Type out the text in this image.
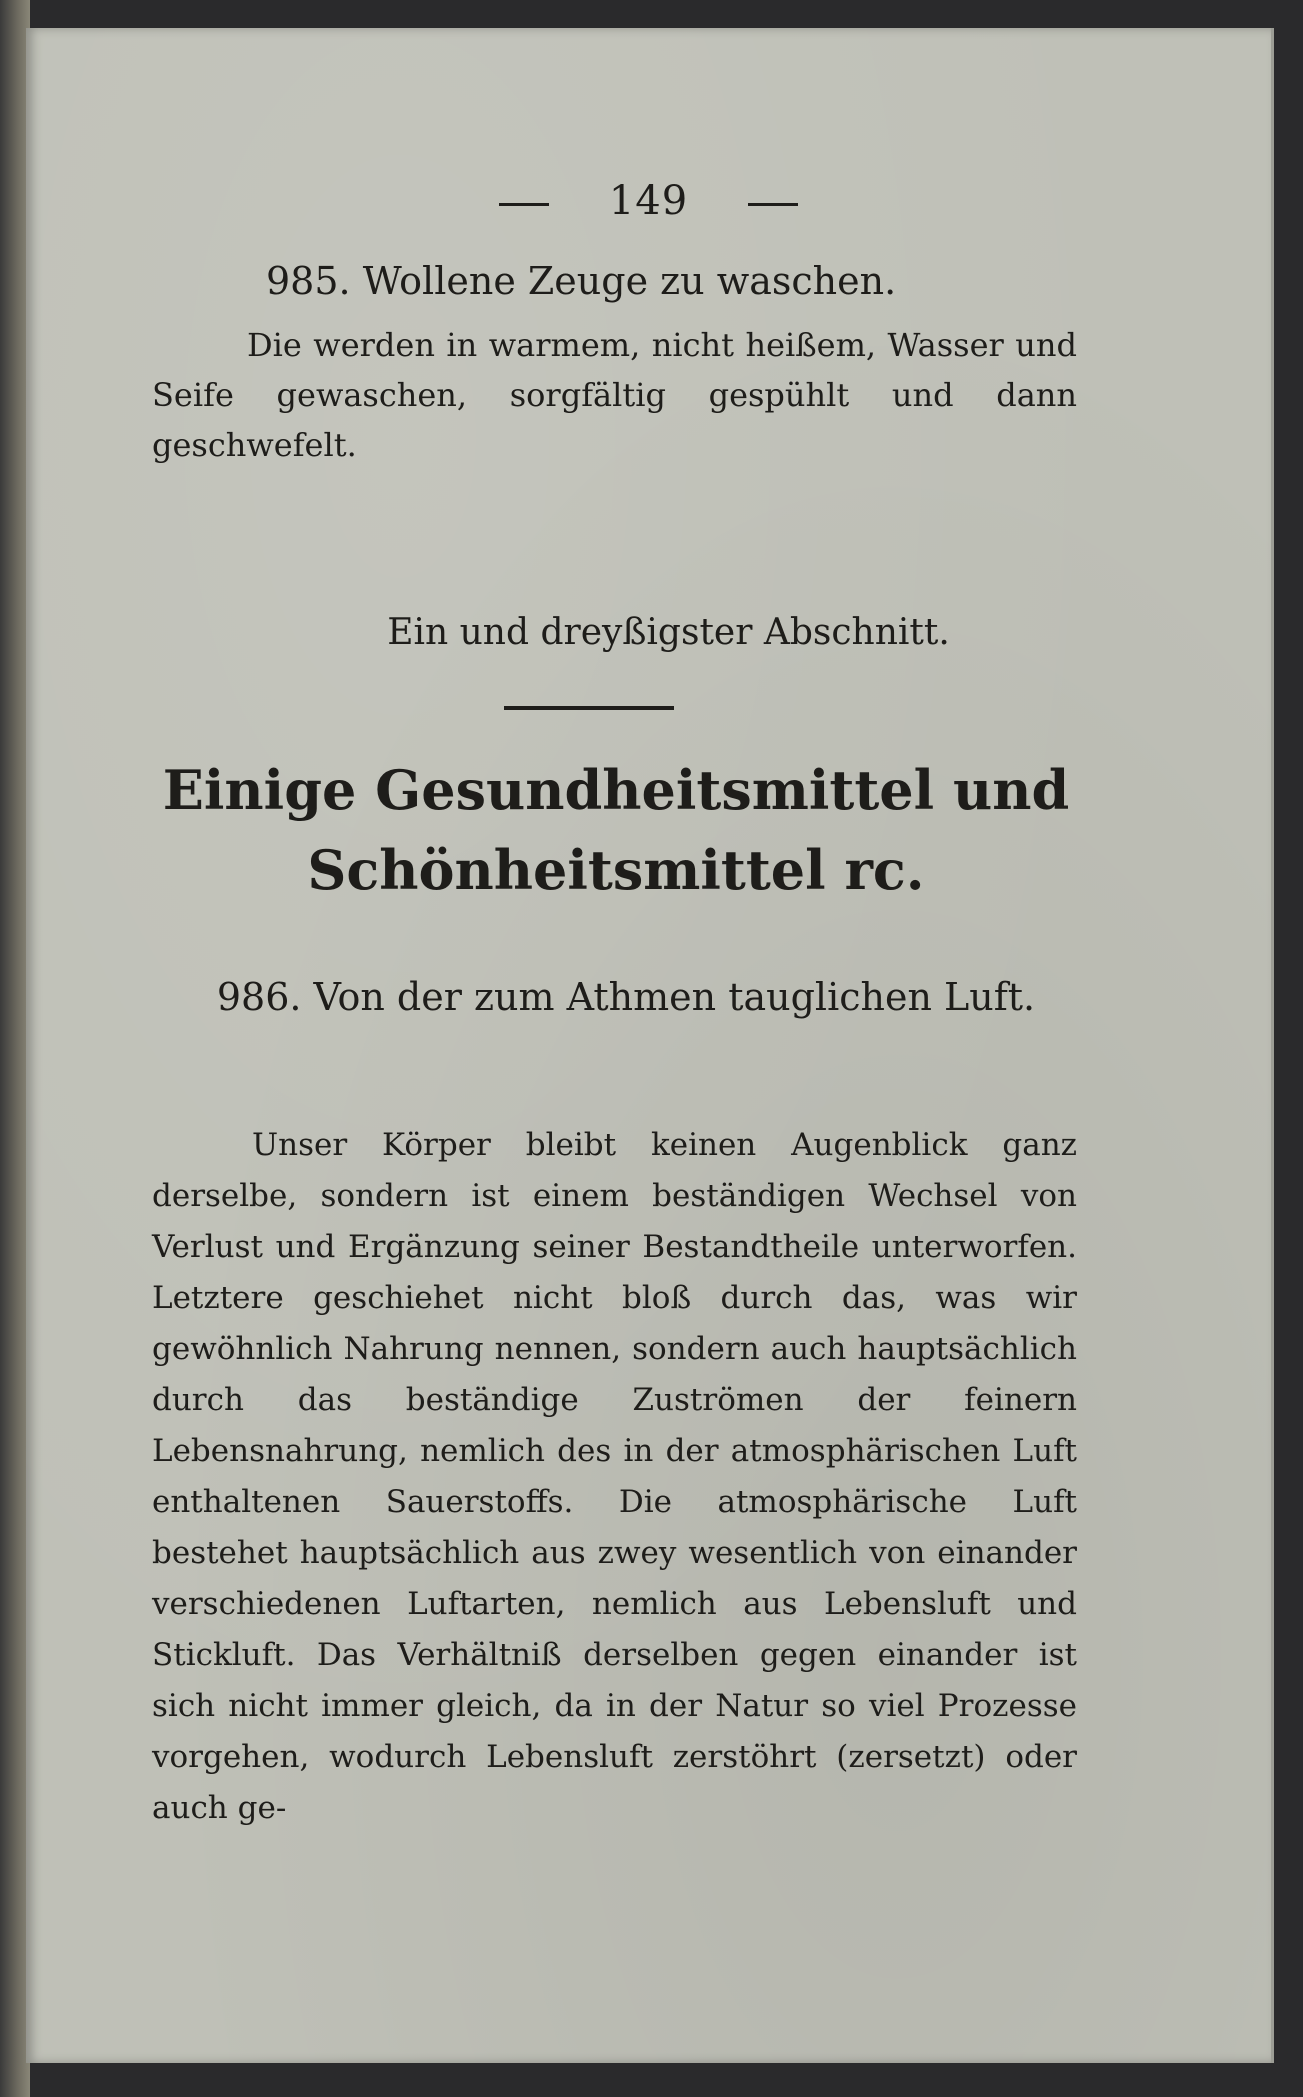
149
985. Wollene Zeuge zu waschen.
Die werden in warmem, nicht heißem, Wasser und Seife gewaschen, sorgfältig gespühlt und dann geschwefelt.
Ein und dreyßigster Abschnitt.
Einige Gesundheitsmittel und Schönheitsmittel rc.
986. Von der zum Athmen tauglichen Luft.
Unser Körper bleibt keinen Augenblick ganz derselbe, sondern ist einem beständigen Wechsel von Verlust und Ergänzung seiner Bestandtheile unterworfen. Letztere geschiehet nicht bloß durch das, was wir gewöhnlich Nahrung nennen, sondern auch hauptsächlich durch das beständige Zuströmen der feinern Lebensnahrung, nemlich des in der atmosphärischen Luft enthaltenen Sauerstoffs. Die atmosphärische Luft bestehet hauptsächlich aus zwey wesentlich von einander verschiedenen Luftarten, nemlich aus Lebensluft und Stickluft. Das Verhältniß derselben gegen einander ist sich nicht immer gleich, da in der Natur so viel Prozesse vorgehen, wodurch Lebensluft zerstöhrt (zersetzt) oder auch ge-
